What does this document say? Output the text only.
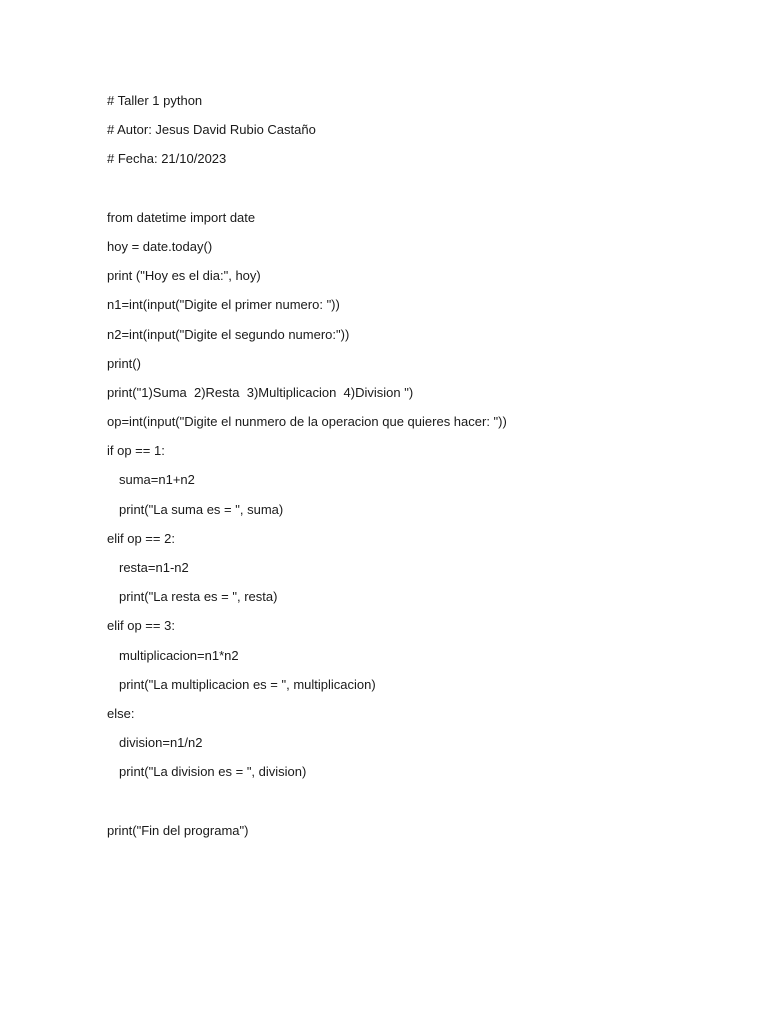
# Taller 1 python
# Autor: Jesus David Rubio Castaño
# Fecha: 21/10/2023
from datetime import date
hoy = date.today()
print ("Hoy es el dia:", hoy)
n1=int(input("Digite el primer numero: "))
n2=int(input("Digite el segundo numero:"))
print()
print("1)Suma  2)Resta  3)Multiplicacion  4)Division ")
op=int(input("Digite el nunmero de la operacion que quieres hacer: "))
if op == 1:
suma=n1+n2
print("La suma es = ", suma)
elif op == 2:
resta=n1-n2
print("La resta es = ", resta)
elif op == 3:
multiplicacion=n1*n2
print("La multiplicacion es = ", multiplicacion)
else:
division=n1/n2
print("La division es = ", division)
print("Fin del programa")
